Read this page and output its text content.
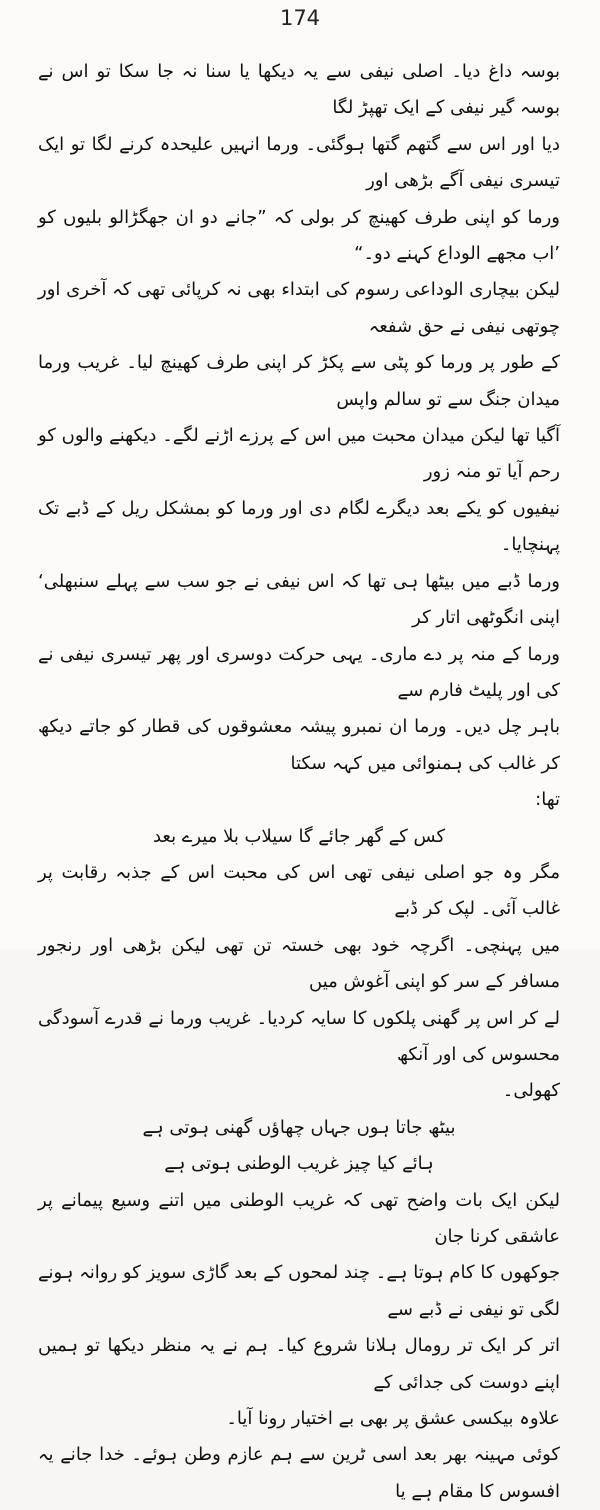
174

بوسہ داغ دیا۔ اصلی نیفی سے یہ دیکھا یا سنا نہ جا سکا تو اس نے بوسہ گیر نیفی کے ایک تھپڑ لگا

دیا اور اس سے گتھم گتھا ہوگئی۔ ورما انہیں علیحدہ کرنے لگا تو ایک تیسری نیفی آگے بڑھی اور

ورما کو اپنی طرف کھینچ کر بولی کہ ”جانے دو ان جھگڑالو بلیوں کو ’اب مجھے الوداع کہنے دو۔“

لیکن بیچاری الوداعی رسوم کی ابتداء بھی نہ کرپائی تھی کہ آخری اور چوتھی نیفی نے حق شفعہ

کے طور پر ورما کو پٹی سے پکڑ کر اپنی طرف کھینچ لیا۔ غریب ورما میدان جنگ سے تو سالم واپس

آگیا تھا لیکن میدان محبت میں اس کے پرزے اڑنے لگے۔ دیکھنے والوں کو رحم آیا تو منہ زور

نیفیوں کو یکے بعد دیگرے لگام دی اور ورما کو بمشکل ریل کے ڈبے تک پہنچایا۔

ورما ڈبے میں بیٹھا ہی تھا کہ اس نیفی نے جو سب سے پہلے سنبھلی‘ اپنی انگوٹھی اتار کر

ورما کے منہ پر دے ماری۔ یہی حرکت دوسری اور پھر تیسری نیفی نے کی اور پلیٹ فارم سے

باہر چل دیں۔ ورما ان نمبرو پیشہ معشوقوں کی قطار کو جاتے دیکھ کر غالب کی ہمنوائی میں کہہ سکتا

تھا:

کس کے گھر جائے گا سیلاب بلا میرے بعد

مگر وہ جو اصلی نیفی تھی اس کی محبت اس کے جذبہ رقابت پر غالب آئی۔ لپک کر ڈبے

میں پہنچی۔ اگرچہ خود بھی خستہ تن تھی لیکن بڑھی اور رنجور مسافر کے سر کو اپنی آغوش میں

لے کر اس پر گھنی پلکوں کا سایہ کردیا۔ غریب ورما نے قدرے آسودگی محسوس کی اور آنکھ

کھولی۔

بیٹھ جاتا ہوں جہاں چھاؤں گھنی ہوتی ہے

ہائے کیا چیز غریب الوطنی ہوتی ہے

لیکن ایک بات واضح تھی کہ غریب الوطنی میں اتنے وسیع پیمانے پر عاشقی کرنا جان

جوکھوں کا کام ہوتا ہے۔ چند لمحوں کے بعد گاڑی سویز کو روانہ ہونے لگی تو نیفی نے ڈبے سے

اتر کر ایک تر رومال ہلانا شروع کیا۔ ہم نے یہ منظر دیکھا تو ہمیں اپنے دوست کی جدائی کے

علاوہ بیکسی عشق پر بھی بے اختیار رونا آیا۔

کوئی مہینہ بھر بعد اسی ٹرین سے ہم عازم وطن ہوئے۔ خدا جانے یہ افسوس کا مقام ہے یا
